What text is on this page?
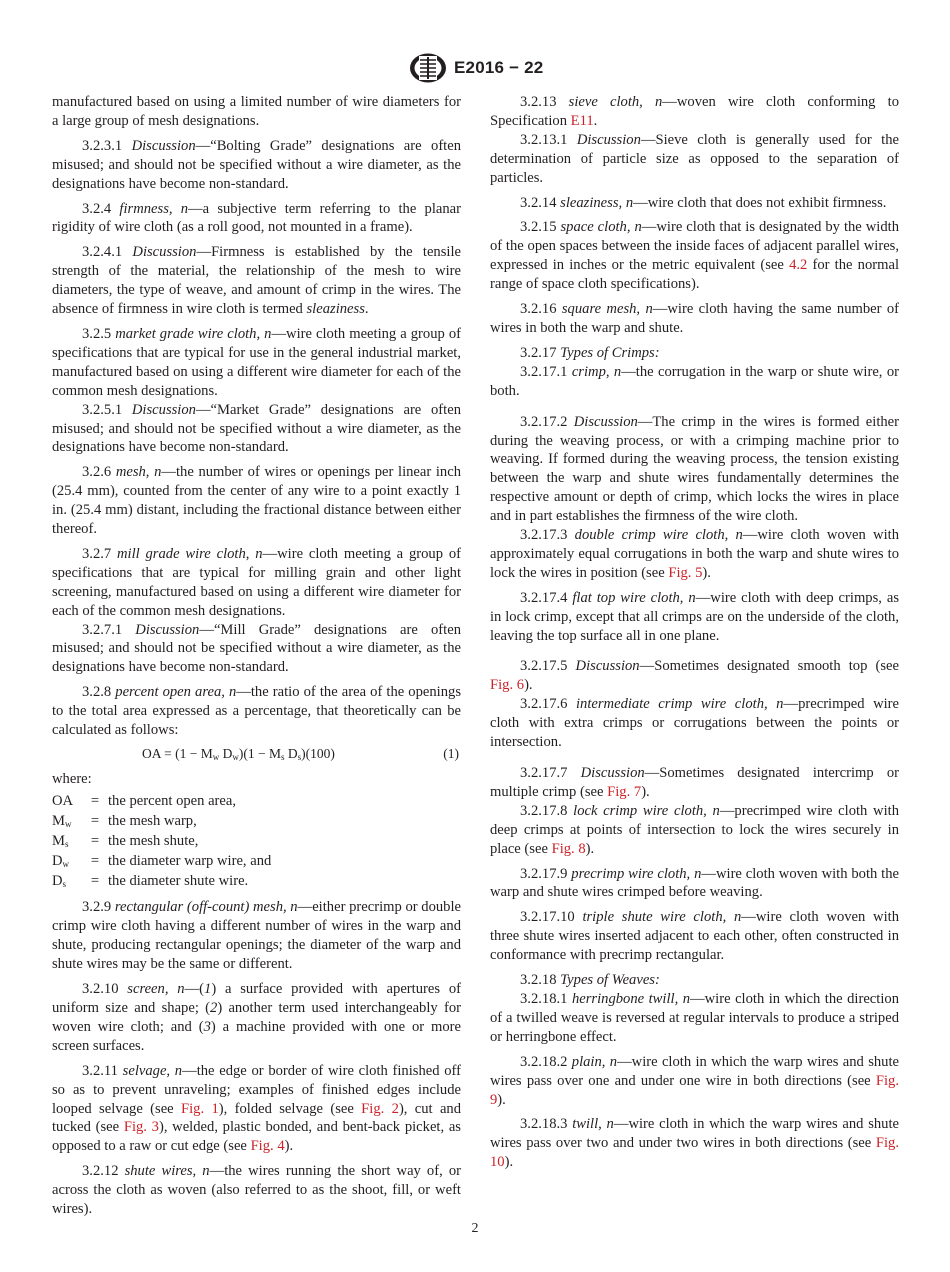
E2016 − 22

manufactured based on using a limited number of wire diameters for a large group of mesh designations.

3.2.3.1 Discussion—“Bolting Grade” designations are often misused; and should not be specified without a wire diameter, as the designations have become non-standard.

3.2.4 firmness, n—a subjective term referring to the planar rigidity of wire cloth (as a roll good, not mounted in a frame).

3.2.4.1 Discussion—Firmness is established by the tensile strength of the material, the relationship of the mesh to wire diameters, the type of weave, and amount of crimp in the wires. The absence of firmness in wire cloth is termed sleaziness.

3.2.5 market grade wire cloth, n—wire cloth meeting a group of specifications that are typical for use in the general industrial market, manufactured based on using a different wire diameter for each of the common mesh designations.

3.2.5.1 Discussion—“Market Grade” designations are often misused; and should not be specified without a wire diameter, as the designations have become non-standard.

3.2.6 mesh, n—the number of wires or openings per linear inch (25.4 mm), counted from the center of any wire to a point exactly 1 in. (25.4 mm) distant, including the fractional distance between either thereof.

3.2.7 mill grade wire cloth, n—wire cloth meeting a group of specifications that are typical for milling grain and other light screening, manufactured based on using a different wire diameter for each of the common mesh designations.

3.2.7.1 Discussion—“Mill Grade” designations are often misused; and should not be specified without a wire diameter, as the designations have become non-standard.

3.2.8 percent open area, n—the ratio of the area of the openings to the total area expressed as a percentage, that theoretically can be calculated as follows:

OA = ($1 - M_w$ $D_w)(1 - M_s$ $D_s)(100)$	(1)

where:

OA	=	the percent open area,
$M_w$	=	the mesh warp,
$M_s$	=	the mesh shute,
$D_w$	=	the diameter warp wire, and
$D_s$	=	the diameter shute wire.

3.2.9 rectangular (off-count) mesh, n—either precrimp or double crimp wire cloth having a different number of wires in the warp and shute, producing rectangular openings; the diameter of the warp and shute wires may be the same or different.

3.2.10 screen, n—(1) a surface provided with apertures of uniform size and shape; (2) another term used interchangeably for woven wire cloth; and (3) a machine provided with one or more screen surfaces.

3.2.11 selvage, n—the edge or border of wire cloth finished off so as to prevent unraveling; examples of finished edges include looped selvage (see Fig. 1), folded selvage (see Fig. 2), cut and tucked (see Fig. 3), welded, plastic bonded, and bent-back picket, as opposed to a raw or cut edge (see Fig. 4).

3.2.12 shute wires, n—the wires running the short way of, or across the cloth as woven (also referred to as the shoot, fill, or weft wires).

3.2.13 sieve cloth, n—woven wire cloth conforming to Specification E11.

3.2.13.1 Discussion—Sieve cloth is generally used for the determination of particle size as opposed to the separation of particles.

3.2.14 sleaziness, n—wire cloth that does not exhibit firmness.

3.2.15 space cloth, n—wire cloth that is designated by the width of the open spaces between the inside faces of adjacent parallel wires, expressed in inches or the metric equivalent (see 4.2 for the normal range of space cloth specifications).

3.2.16 square mesh, n—wire cloth having the same number of wires in both the warp and shute.

3.2.17 Types of Crimps:

3.2.17.1 crimp, n—the corrugation in the warp or shute wire, or both.

3.2.17.2 Discussion—The crimp in the wires is formed either during the weaving process, or with a crimping machine prior to weaving. If formed during the weaving process, the tension existing between the warp and shute wires fundamentally determines the respective amount or depth of crimp, which locks the wires in place and in part establishes the firmness of the wire cloth.

3.2.17.3 double crimp wire cloth, n—wire cloth woven with approximately equal corrugations in both the warp and shute wires to lock the wires in position (see Fig. 5).

3.2.17.4 flat top wire cloth, n—wire cloth with deep crimps, as in lock crimp, except that all crimps are on the underside of the cloth, leaving the top surface all in one plane.

3.2.17.5 Discussion—Sometimes designated smooth top (see Fig. 6).

3.2.17.6 intermediate crimp wire cloth, n—precrimped wire cloth with extra crimps or corrugations between the points or intersection.

3.2.17.7 Discussion—Sometimes designated intercrimp or multiple crimp (see Fig. 7).

3.2.17.8 lock crimp wire cloth, n—precrimped wire cloth with deep crimps at points of intersection to lock the wires securely in place (see Fig. 8).

3.2.17.9 precrimp wire cloth, n—wire cloth woven with both the warp and shute wires crimped before weaving.

3.2.17.10 triple shute wire cloth, n—wire cloth woven with three shute wires inserted adjacent to each other, often constructed in conformance with precrimp rectangular.

3.2.18 Types of Weaves:

3.2.18.1 herringbone twill, n—wire cloth in which the direction of a twilled weave is reversed at regular intervals to produce a striped or herringbone effect.

3.2.18.2 plain, n—wire cloth in which the warp wires and shute wires pass over one and under one wire in both directions (see Fig. 9).

3.2.18.3 twill, n—wire cloth in which the warp wires and shute wires pass over two and under two wires in both directions (see Fig. 10).

2
